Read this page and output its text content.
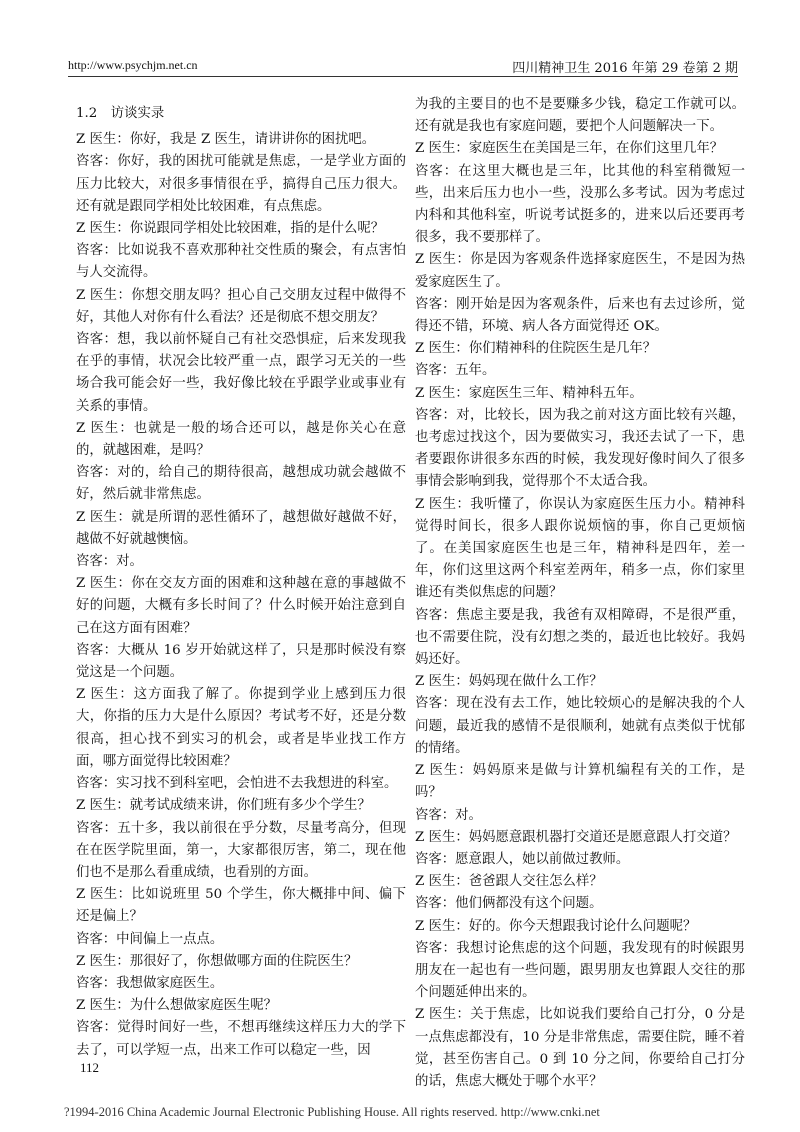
http://www.psychjm.net.cn	四川精神卫生 2016 年第 29 卷第 2 期

1.2　访谈实录

Z 医生：你好，我是 Z 医生，请讲讲你的困扰吧。

咨客：你好，我的困扰可能就是焦虑，一是学业方面的压力比较大，对很多事情很在乎，搞得自己压力很大。还有就是跟同学相处比较困难，有点焦虑。

Z 医生：你说跟同学相处比较困难，指的是什么呢？

咨客：比如说我不喜欢那种社交性质的聚会，有点害怕与人交流得。

Z 医生：你想交朋友吗？担心自己交朋友过程中做得不好，其他人对你有什么看法？还是彻底不想交朋友？

咨客：想，我以前怀疑自己有社交恐惧症，后来发现我在乎的事情，状况会比较严重一点，跟学习无关的一些场合我可能会好一些，我好像比较在乎跟学业或事业有关系的事情。

Z 医生：也就是一般的场合还可以，越是你关心在意的，就越困难，是吗？

咨客：对的，给自己的期待很高，越想成功就会越做不好，然后就非常焦虑。

Z 医生：就是所谓的恶性循环了，越想做好越做不好，越做不好就越懊恼。

咨客：对。

Z 医生：你在交友方面的困难和这种越在意的事越做不好的问题，大概有多长时间了？什么时候开始注意到自己在这方面有困难？

咨客：大概从 16 岁开始就这样了，只是那时候没有察觉这是一个问题。

Z 医生：这方面我了解了。你提到学业上感到压力很大，你指的压力大是什么原因？考试考不好，还是分数很高，担心找不到实习的机会，或者是毕业找工作方面，哪方面觉得比较困难？

咨客：实习找不到科室吧，会怕进不去我想进的科室。

Z 医生：就考试成绩来讲，你们班有多少个学生？

咨客：五十多，我以前很在乎分数，尽量考高分，但现在在医学院里面，第一，大家都很厉害，第二，现在他们也不是那么看重成绩，也看别的方面。

Z 医生：比如说班里 50 个学生，你大概排中间、偏下还是偏上？

咨客：中间偏上一点点。

Z 医生：那很好了，你想做哪方面的住院医生？

咨客：我想做家庭医生。

Z 医生：为什么想做家庭医生呢？

咨客：觉得时间好一些，不想再继续这样压力大的学下去了，可以学短一点，出来工作可以稳定一些，因

为我的主要目的也不是要赚多少钱，稳定工作就可以。还有就是我也有家庭问题，要把个人问题解决一下。

Z 医生：家庭医生在美国是三年，在你们这里几年？

咨客：在这里大概也是三年，比其他的科室稍微短一些，出来后压力也小一些，没那么多考试。因为考虑过内科和其他科室，听说考试挺多的，进来以后还要再考很多，我不要那样了。

Z 医生：你是因为客观条件选择家庭医生，不是因为热爱家庭医生了。

咨客：刚开始是因为客观条件，后来也有去过诊所，觉得还不错，环境、病人各方面觉得还 OK。

Z 医生：你们精神科的住院医生是几年？

咨客：五年。

Z 医生：家庭医生三年、精神科五年。

咨客：对，比较长，因为我之前对这方面比较有兴趣，也考虑过找这个，因为要做实习，我还去试了一下，患者要跟你讲很多东西的时候，我发现好像时间久了很多事情会影响到我，觉得那个不太适合我。

Z 医生：我听懂了，你误认为家庭医生压力小。精神科觉得时间长，很多人跟你说烦恼的事，你自己更烦恼了。在美国家庭医生也是三年，精神科是四年，差一年，你们这里这两个科室差两年，稍多一点，你们家里谁还有类似焦虑的问题？

咨客：焦虑主要是我，我爸有双相障碍，不是很严重，也不需要住院，没有幻想之类的，最近也比较好。我妈妈还好。

Z 医生：妈妈现在做什么工作？

咨客：现在没有去工作，她比较烦心的是解决我的个人问题，最近我的感情不是很顺利，她就有点类似于忧郁的情绪。

Z 医生：妈妈原来是做与计算机编程有关的工作，是吗？

咨客：对。

Z 医生：妈妈愿意跟机器打交道还是愿意跟人打交道？

咨客：愿意跟人，她以前做过教师。

Z 医生：爸爸跟人交往怎么样？

咨客：他们俩都没有这个问题。

Z 医生：好的。你今天想跟我讨论什么问题呢？

咨客：我想讨论焦虑的这个问题，我发现有的时候跟男朋友在一起也有一些问题，跟男朋友也算跟人交往的那个问题延伸出来的。

Z 医生：关于焦虑，比如说我们要给自己打分，0 分是一点焦虑都没有，10 分是非常焦虑，需要住院，睡不着觉，甚至伤害自己。0 到 10 分之间，你要给自己打分的话，焦虑大概处于哪个水平？

112
?1994-2016 China Academic Journal Electronic Publishing House. All rights reserved. http://www.cnki.net
